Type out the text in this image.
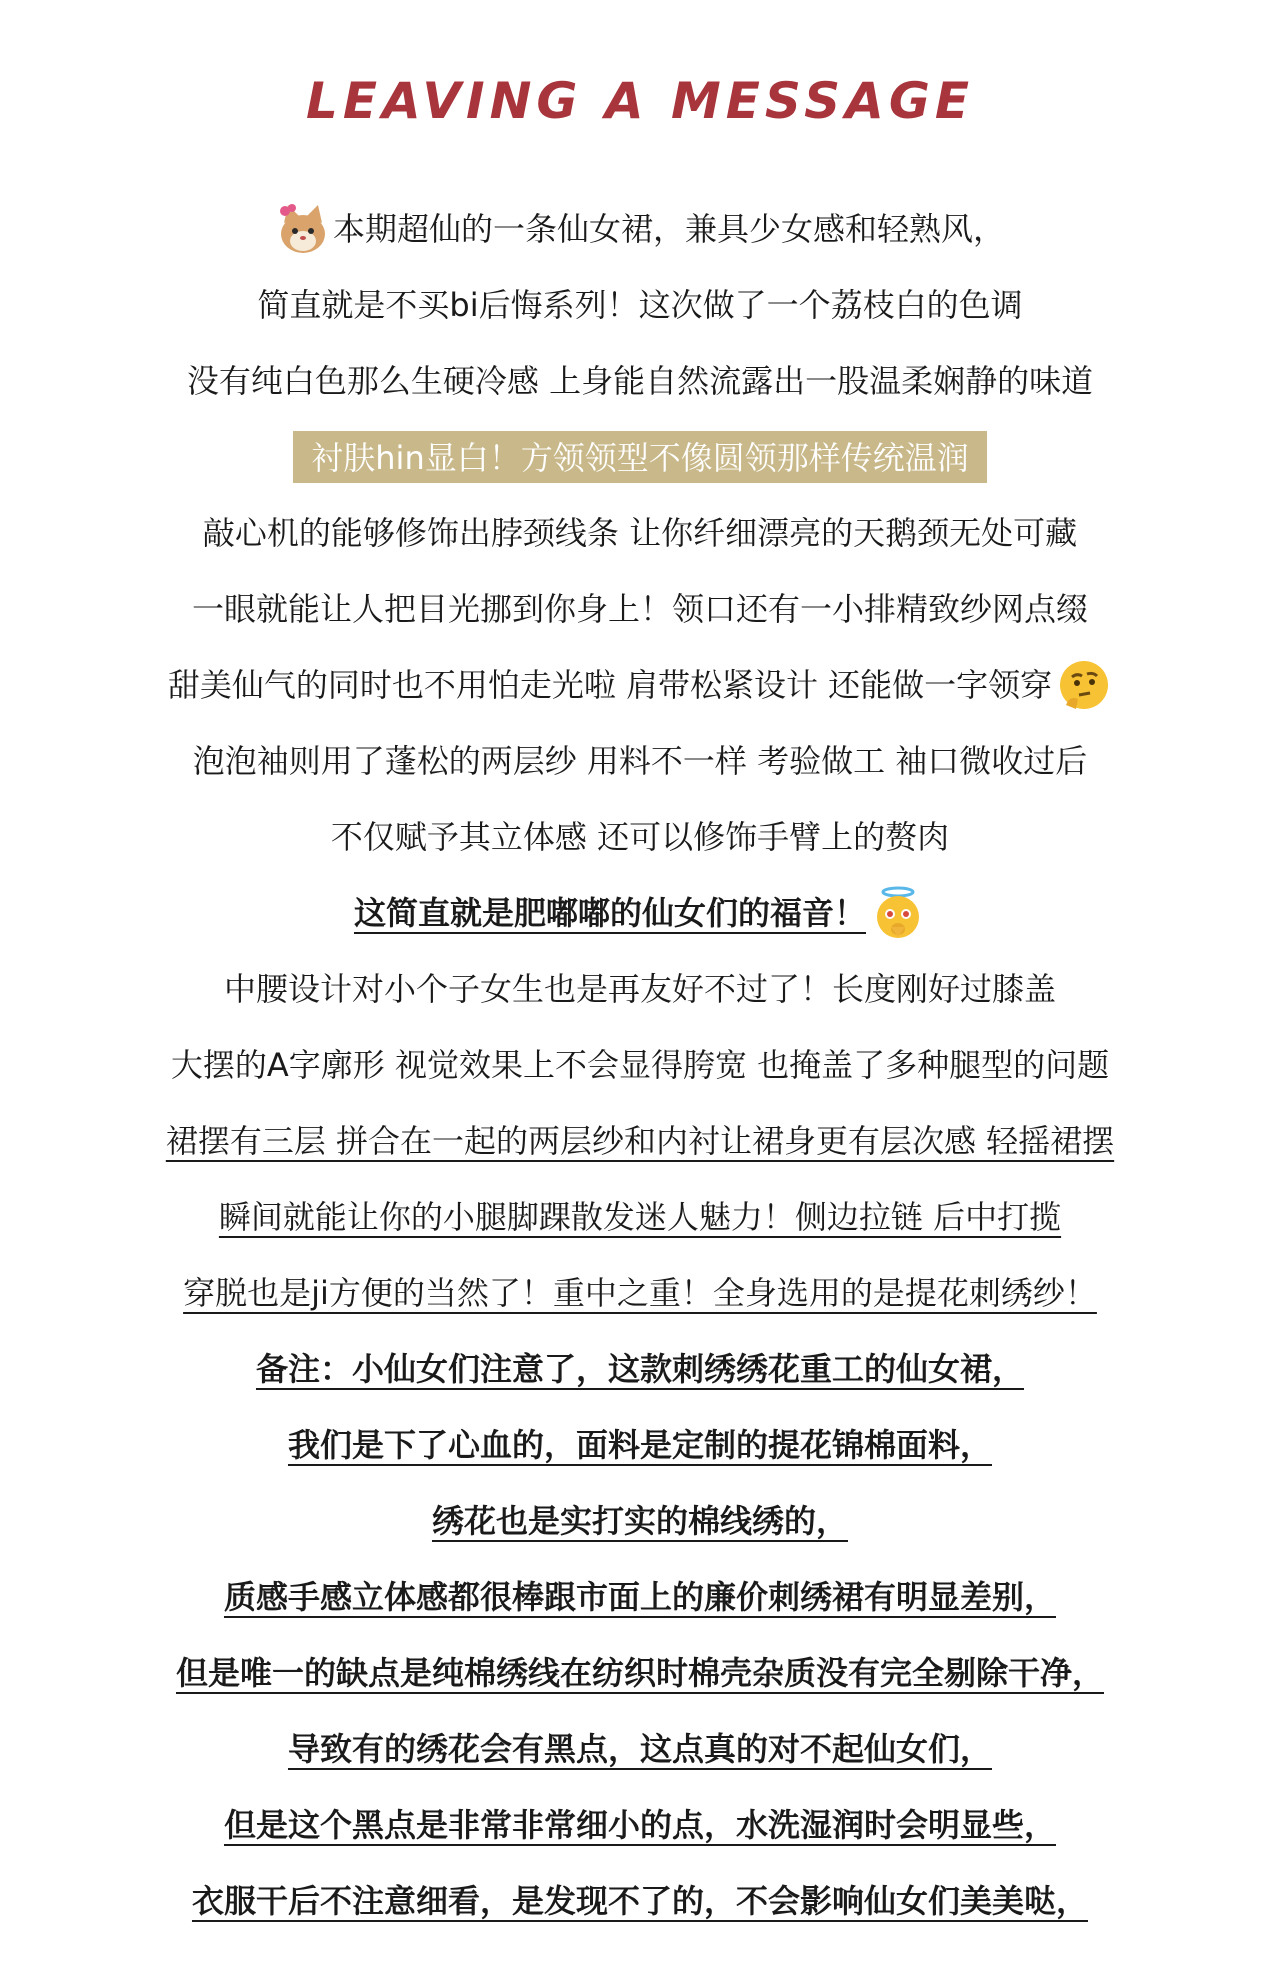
LEAVING A MESSAGE
本期超仙的一条仙女裙，兼具少女感和轻熟风，
简直就是不买bi后悔系列！这次做了一个荔枝白的色调
没有纯白色那么生硬冷感 上身能自然流露出一股温柔娴静的味道
衬肤hin显白！方领领型不像圆领那样传统温润
敲心机的能够修饰出脖颈线条 让你纤细漂亮的天鹅颈无处可藏
一眼就能让人把目光挪到你身上！领口还有一小排精致纱网点缀
甜美仙气的同时也不用怕走光啦 肩带松紧设计 还能做一字领穿
泡泡袖则用了蓬松的两层纱 用料不一样 考验做工 袖口微收过后
不仅赋予其立体感 还可以修饰手臂上的赘肉
这简直就是肥嘟嘟的仙女们的福音！
中腰设计对小个子女生也是再友好不过了！长度刚好过膝盖
大摆的A字廓形 视觉效果上不会显得胯宽 也掩盖了多种腿型的问题
裙摆有三层 拼合在一起的两层纱和内衬让裙身更有层次感 轻摇裙摆
瞬间就能让你的小腿脚踝散发迷人魅力！侧边拉链 后中打揽
穿脱也是ji方便的当然了！重中之重！全身选用的是提花刺绣纱！
备注：小仙女们注意了，这款刺绣绣花重工的仙女裙，
我们是下了心血的，面料是定制的提花锦棉面料，
绣花也是实打实的棉线绣的，
质感手感立体感都很棒跟市面上的廉价刺绣裙有明显差别，
但是唯一的缺点是纯棉绣线在纺织时棉壳杂质没有完全剔除干净，
导致有的绣花会有黑点，这点真的对不起仙女们，
但是这个黑点是非常非常细小的点，水洗湿润时会明显些，
衣服干后不注意细看，是发现不了的，不会影响仙女们美美哒，
